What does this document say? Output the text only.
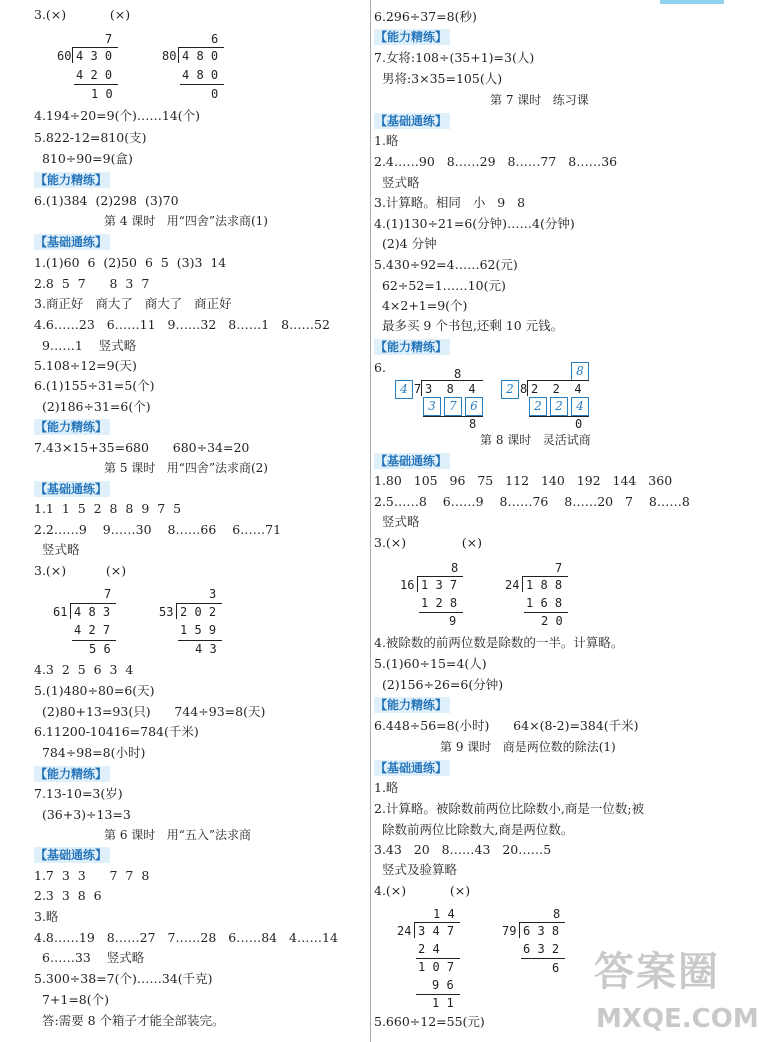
3.(×)           (×)
7
60 4 3 0
4 2 0
1 0
6
80 4 8 0
4 8 0
0
4.194÷20=9(个)……14(个)
5.822-12=810(支)
810÷90=9(盒)
【能力精练】
6.(1)384  (2)298  (3)70
第 4 课时   用“四舍”法求商(1)
【基础通练】
1.(1)60  6  (2)50  6  5  (3)3  14
2.8  5  7      8  3  7
3.商正好   商大了   商大了   商正好
4.6……23   6……11   9……32   8……1   8……52
9……1    竖式略
5.108÷12=9(天)
6.(1)155÷31=5(个)
(2)186÷31=6(个)
【能力精练】
7.43×15+35=680      680÷34=20
第 5 课时   用“四舍”法求商(2)
【基础通练】
1.1  1  5  2  8  8  9  7  5
2.2……9    9……30    8……66    6……71
竖式略
3.(×)          (×)
7
61 4 8 3
4 2 7
5 6
3
53 2 0 2
1 5 9
4 3
4.3  2  5  6  3  4
5.(1)480÷80=6(天)
(2)80+13=93(只)      744÷93=8(天)
6.11200-10416=784(千米)
784÷98=8(小时)
【能力精练】
7.13-10=3(岁)
(36+3)÷13=3
第 6 课时   用“五入”法求商
【基础通练】
1.7  3  3      7  7  8
2.3  3  8  6
3.略
4.8……19   8……27   7……28   6……84   4……14
6……33    竖式略
5.300÷38=7(个)……34(千克)
7+1=8(个)
答:需要 8 个箱子才能全部装完。
6.296÷37=8(秒)
【能力精练】
7.女将:108÷(35+1)=3(人)
男将:3×35=105(人)
第 7 课时   练习课
【基础通练】
1.略
2.4……90   8……29   8……77   8……36
竖式略
3.计算略。相同   小   9   8
4.(1)130÷21=6(分钟)……4(分钟)
(2)4 分钟
5.430÷92=4……62(元)
62÷52=1……10(元)
4×2+1=9(个)
最多买 9 个书包,还剩 10 元钱。
【能力精练】
6.	8
4 7 3  8  4
3	7	6
8
8
2 8 2  2  4
2	2	4
0
第 8 课时   灵活试商
【基础通练】
1.80   105   96   75   112   140   192   144   360
2.5……8    6……9    8……76    8……20   7    8……8
竖式略
3.(×)              (×)
8
16 1 3 7
1 2 8
9
7
24 1 8 8
1 6 8
2 0
4.被除数的前两位数是除数的一半。计算略。
5.(1)60÷15=4(人)
(2)156÷26=6(分钟)
【能力精练】
6.448÷56=8(小时)      64×(8-2)=384(千米)
第 9 课时   商是两位数的除法(1)
【基础通练】
1.略
2.计算略。被除数前两位比除数小,商是一位数;被
除数前两位比除数大,商是两位数。
3.43   20   8……43   20……5
竖式及验算略
4.(×)           (×)
1 4
24 3 4 7
2 4
1 0 7
9 6
1 1
8
79 6 3 8
6 3 2
6
5.660÷12=55(元)
答案圈
MXQE.COM
